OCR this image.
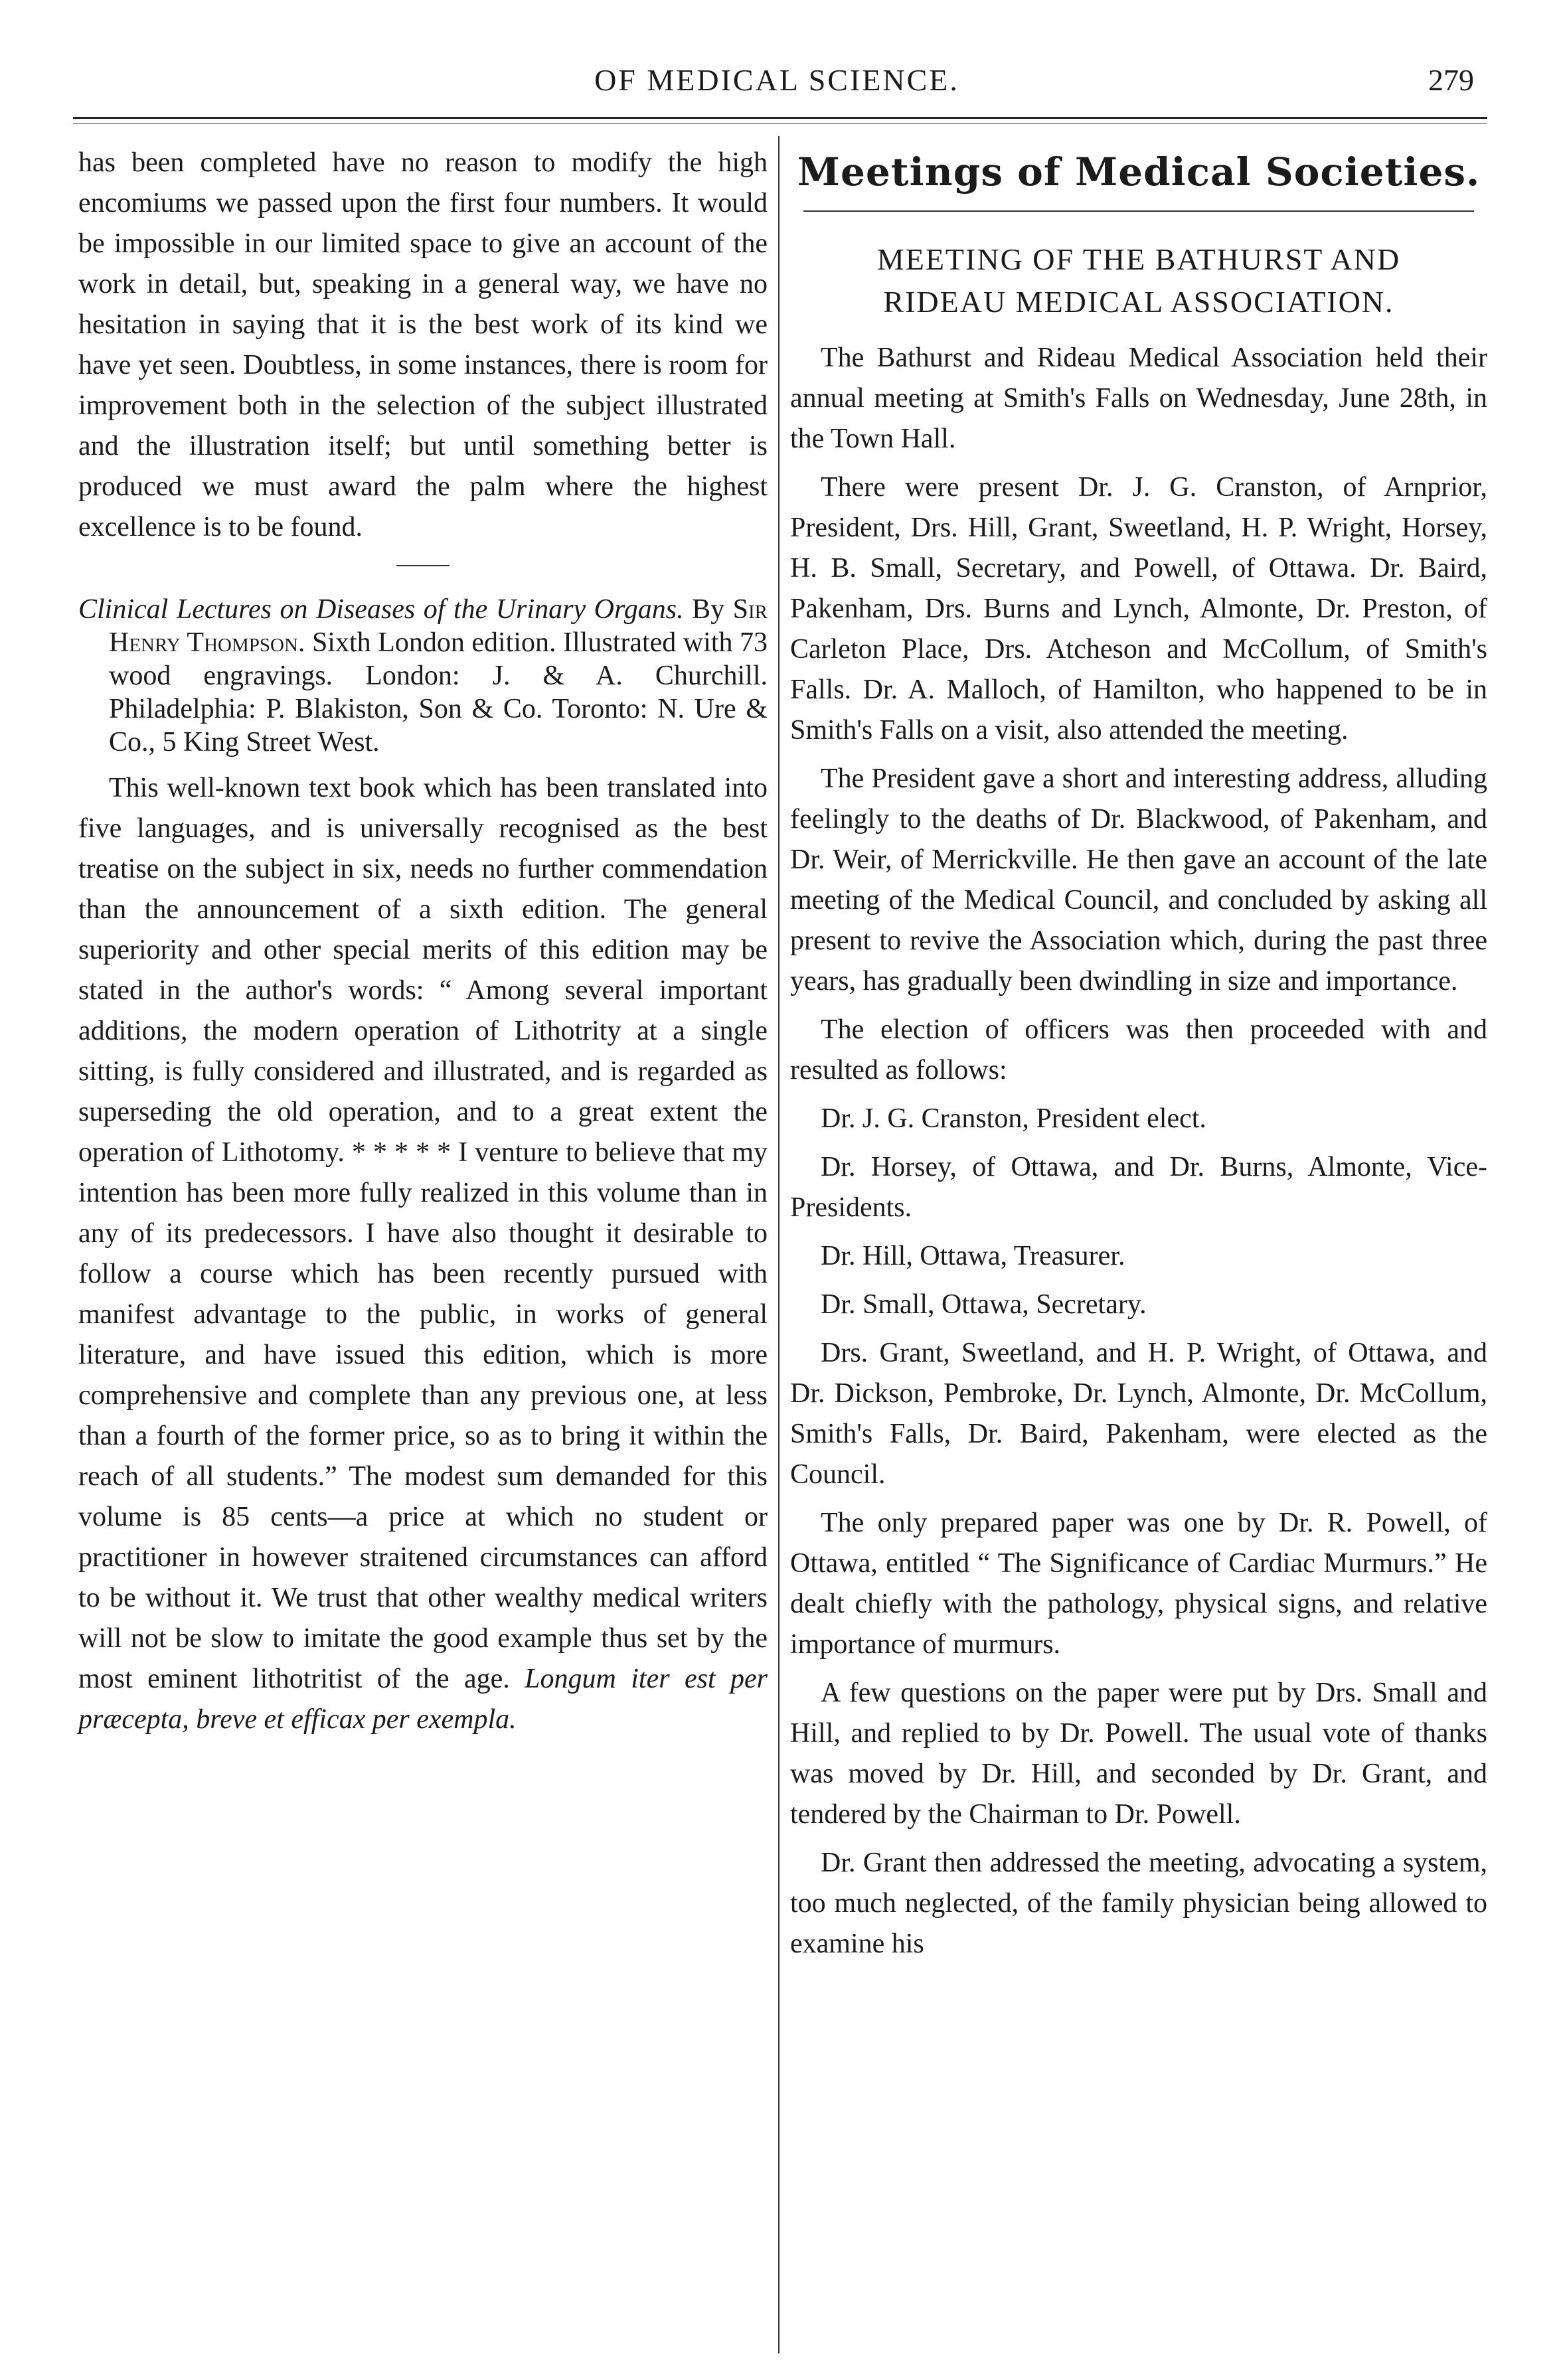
OF MEDICAL SCIENCE.	279

has been completed have no reason to modify the high encomiums we passed upon the first four numbers. It would be impossible in our limited space to give an account of the work in detail, but, speaking in a general way, we have no hesitation in saying that it is the best work of its kind we have yet seen. Doubtless, in some instances, there is room for improvement both in the selection of the subject illustrated and the illustration itself; but until something better is produced we must award the palm where the highest excellence is to be found.

Clinical Lectures on Diseases of the Urinary Organs. By Sir Henry Thompson. Sixth London edition. Illustrated with 73 wood engravings. London: J. & A. Churchill. Philadelphia: P. Blakiston, Son & Co. Toronto: N. Ure & Co., 5 King Street West.

This well-known text book which has been translated into five languages, and is universally recognised as the best treatise on the subject in six, needs no further commendation than the announcement of a sixth edition. The general superiority and other special merits of this edition may be stated in the author's words: “ Among several important additions, the modern operation of Lithotrity at a single sitting, is fully considered and illustrated, and is regarded as superseding the old operation, and to a great extent the operation of Lithotomy. * * * * * I venture to believe that my intention has been more fully realized in this volume than in any of its predecessors. I have also thought it desirable to follow a course which has been recently pursued with manifest advantage to the public, in works of general literature, and have issued this edition, which is more comprehensive and complete than any previous one, at less than a fourth of the former price, so as to bring it within the reach of all students.” The modest sum demanded for this volume is 85 cents—a price at which no student or practitioner in however straitened circumstances can afford to be without it. We trust that other wealthy medical writers will not be slow to imitate the good example thus set by the most eminent lithotritist of the age. Longum iter est per præcepta, breve et efficax per exempla.

Meetings of Medical Societies.
MEETING OF THE BATHURST AND
RIDEAU MEDICAL ASSOCIATION.

The Bathurst and Rideau Medical Association held their annual meeting at Smith's Falls on Wednesday, June 28th, in the Town Hall.

There were present Dr. J. G. Cranston, of Arnprior, President, Drs. Hill, Grant, Sweetland, H. P. Wright, Horsey, H. B. Small, Secretary, and Powell, of Ottawa. Dr. Baird, Pakenham, Drs. Burns and Lynch, Almonte, Dr. Preston, of Carleton Place, Drs. Atcheson and McCollum, of Smith's Falls. Dr. A. Malloch, of Hamilton, who happened to be in Smith's Falls on a visit, also attended the meeting.

The President gave a short and interesting address, alluding feelingly to the deaths of Dr. Blackwood, of Pakenham, and Dr. Weir, of Merrickville. He then gave an account of the late meeting of the Medical Council, and concluded by asking all present to revive the Association which, during the past three years, has gradually been dwindling in size and importance.

The election of officers was then proceeded with and resulted as follows:

Dr. J. G. Cranston, President elect.

Dr. Horsey, of Ottawa, and Dr. Burns, Almonte, Vice-Presidents.

Dr. Hill, Ottawa, Treasurer.

Dr. Small, Ottawa, Secretary.

Drs. Grant, Sweetland, and H. P. Wright, of Ottawa, and Dr. Dickson, Pembroke, Dr. Lynch, Almonte, Dr. McCollum, Smith's Falls, Dr. Baird, Pakenham, were elected as the Council.

The only prepared paper was one by Dr. R. Powell, of Ottawa, entitled “ The Significance of Cardiac Murmurs.” He dealt chiefly with the pathology, physical signs, and relative importance of murmurs.

A few questions on the paper were put by Drs. Small and Hill, and replied to by Dr. Powell. The usual vote of thanks was moved by Dr. Hill, and seconded by Dr. Grant, and tendered by the Chairman to Dr. Powell.

Dr. Grant then addressed the meeting, advocating a system, too much neglected, of the family physician being allowed to examine his
